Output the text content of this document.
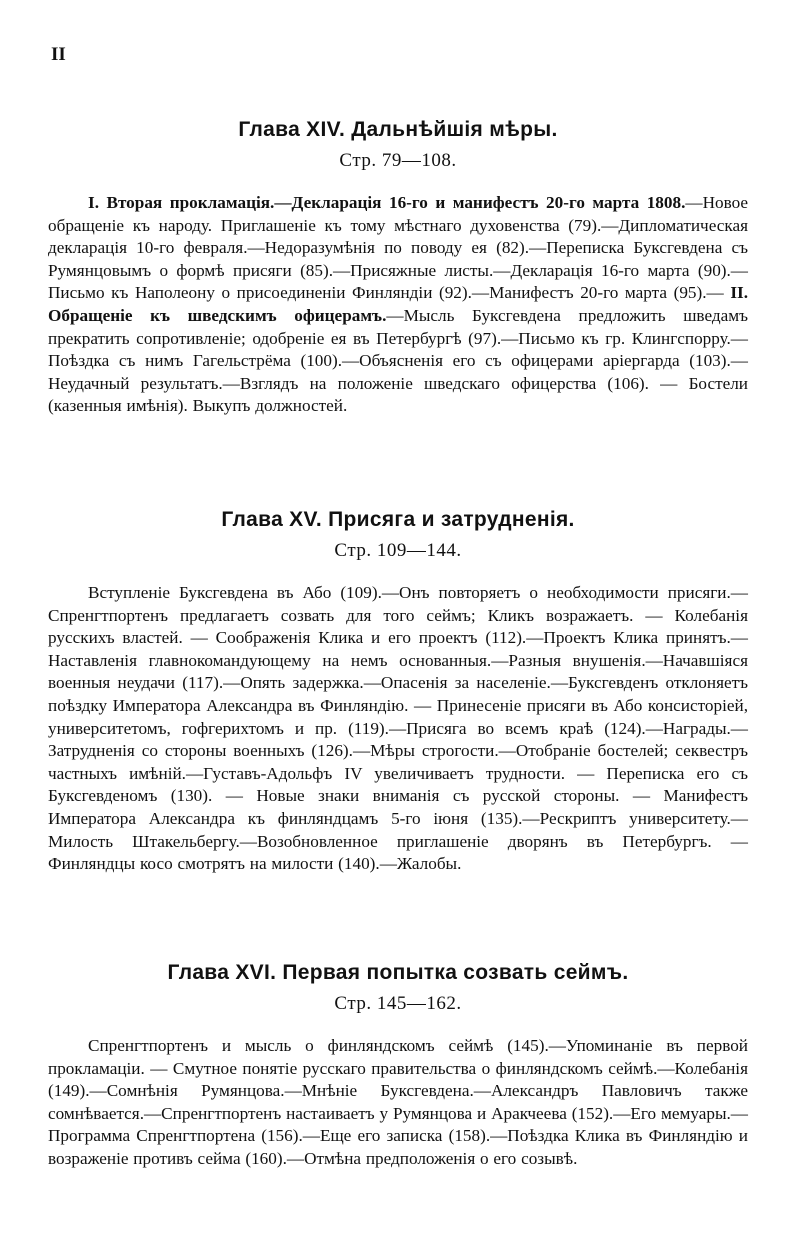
II
Глава XIV. Дальнѣйшія мѣры.
Стр. 79—108.

I. Вторая прокламація.—Декларація 16-го и манифестъ 20-го марта 1808.—Новое обращеніе къ народу. Приглашеніе къ тому мѣстнаго духовенства (79).—Дипломатическая декларація 10-го февраля.—Недоразумѣнія по поводу ея (82).—Переписка Буксгевдена съ Румянцовымъ о формѣ присяги (85).—Присяжные листы.—Декларація 16-го марта (90).—Письмо къ Наполеону о присоединеніи Финляндіи (92).—Манифестъ 20-го марта (95).— II. Обращеніе къ шведскимъ офицерамъ.—Мысль Буксгевдена предложить шведамъ прекратить сопротивленіе; одобреніе ея въ Петербургѣ (97).—Письмо къ гр. Клингспорру.—Поѣздка съ нимъ Гагельстрёма (100).—Объясненія его съ офицерами аріергарда (103).—Неудачный результатъ.—Взглядъ на положеніе шведскаго офицерства (106). — Бостели (казенныя имѣнія). Выкупъ должностей.

Глава XV. Присяга и затрудненія.
Стр. 109—144.

Вступленіе Буксгевдена въ Або (109).—Онъ повторяетъ о необходимости присяги.—Спренгтпортенъ предлагаетъ созвать для того сеймъ; Кликъ возражаетъ. — Колебанія русскихъ властей. — Соображенія Клика и его проектъ (112).—Проектъ Клика принятъ.—Наставленія главнокомандующему на немъ основанныя.—Разныя внушенія.—Начавшіяся военныя неудачи (117).—Опять задержка.—Опасенія за населеніе.—Буксгевденъ отклоняетъ поѣздку Императора Александра въ Финляндію. — Принесеніе присяги въ Або консисторіей, университетомъ, гофгерихтомъ и пр. (119).—Присяга во всемъ краѣ (124).—Награды.—Затрудненія со стороны военныхъ (126).—Мѣры строгости.—Отобраніе бостелей; секвестръ частныхъ имѣній.—Густавъ-Адольфъ IV увеличиваетъ трудности. — Переписка его съ Буксгевденомъ (130). — Новые знаки вниманія съ русской стороны. — Манифестъ Императора Александра къ финляндцамъ 5-го іюня (135).—Рескриптъ университету.—Милость Штакельбергу.—Возобновленное приглашеніе дворянъ въ Петербургъ. —Финляндцы косо смотрятъ на милости (140).—Жалобы.

Глава XVI. Первая попытка созвать сеймъ.
Стр. 145—162.

Спренгтпортенъ и мысль о финляндскомъ сеймѣ (145).—Упоминаніе въ первой прокламаціи. — Смутное понятіе русскаго правительства о финляндскомъ сеймѣ.—Колебанія (149).—Сомнѣнія Румянцова.—Мнѣніе Буксгевдена.—Александръ Павловичъ также сомнѣвается.—Спренгтпортенъ настаиваетъ у Румянцова и Аракчеева (152).—Его мемуары.—Программа Спренгтпортена (156).—Еще его записка (158).—Поѣздка Клика въ Финляндію и возраженіе противъ сейма (160).—Отмѣна предположенія о его созывѣ.
